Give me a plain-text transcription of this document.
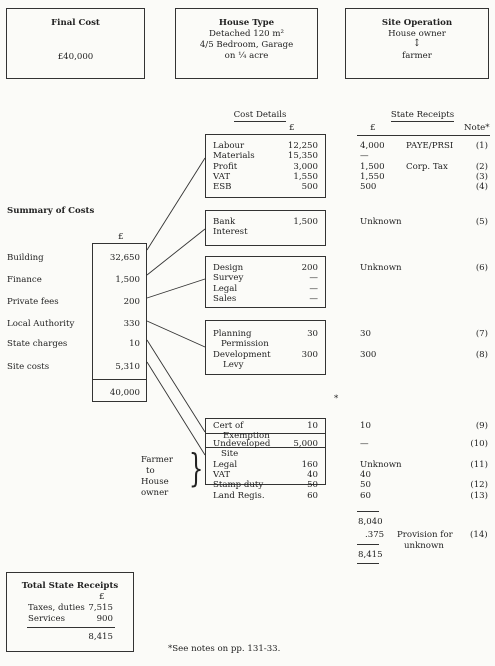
Final Cost
£40,000
House Type
Detached 120 m²
4/5 Bedroom, Garage
on ¼ acre
Site Operation
House owner
↕
farmer
Cost Details
£
State Receipts
£	Note*
Summary of Costs
£
Building	32,650
Finance	1,500
Private fees	200
Local Authority	330
State charges	10
Site costs	5,310
40,000
Labour	12,250	4,000 PAYE/PRSI	(1)
Materials	15,350	—
Profit	3,000	1,500 Corp. Tax	(2)
VAT	1,550	1,550	(3)
ESB	500	500	(4)
Bank	1,500	Unknown	(5)
Interest
Design	200	Unknown	(6)
Survey	—
Legal	—
Sales	—
Planning	30	30	(7)
Permission
Development	300	300	(8)
Levy
Cert of	10	10	(9)
Exemption
Undeveloped	5,000	—	(10)
Site
Legal	160	Unknown	(11)
VAT	40	40
Stamp duty	50	50	(12)
Land Regis.	60	60	(13)
*
Farmer
to
House
owner
}
8,040
.375 Provision for
unknown
(14)
8,415
Total State Receipts
£
Taxes, duties 7,515
Services	900
8,415
*See notes on pp. 131-33.
